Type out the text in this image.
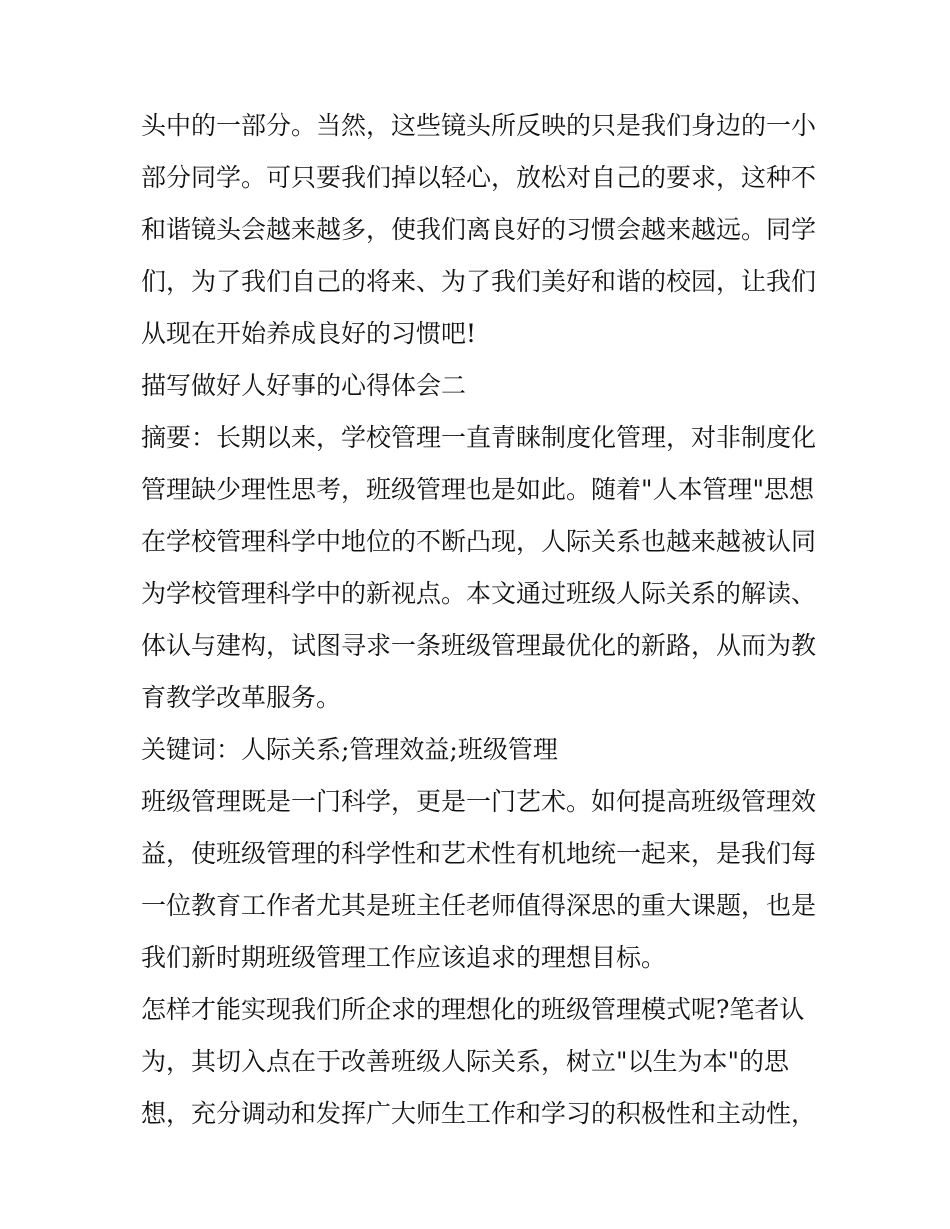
头中的一部分。当然，这些镜头所反映的只是我们身边的一小

部分同学。可只要我们掉以轻心，放松对自己的要求，这种不

和谐镜头会越来越多，使我们离良好的习惯会越来越远。同学

们，为了我们自己的将来、为了我们美好和谐的校园，让我们

从现在开始养成良好的习惯吧!

描写做好人好事的心得体会二

摘要：长期以来，学校管理一直青睐制度化管理，对非制度化

管理缺少理性思考，班级管理也是如此。随着"人本管理"思想

在学校管理科学中地位的不断凸现，人际关系也越来越被认同

为学校管理科学中的新视点。本文通过班级人际关系的解读、

体认与建构，试图寻求一条班级管理最优化的新路，从而为教

育教学改革服务。

关键词：人际关系;管理效益;班级管理

班级管理既是一门科学，更是一门艺术。如何提高班级管理效

益，使班级管理的科学性和艺术性有机地统一起来，是我们每

一位教育工作者尤其是班主任老师值得深思的重大课题，也是

我们新时期班级管理工作应该追求的理想目标。

怎样才能实现我们所企求的理想化的班级管理模式呢?笔者认

为，其切入点在于改善班级人际关系，树立"以生为本"的思

想，充分调动和发挥广大师生工作和学习的积极性和主动性，
